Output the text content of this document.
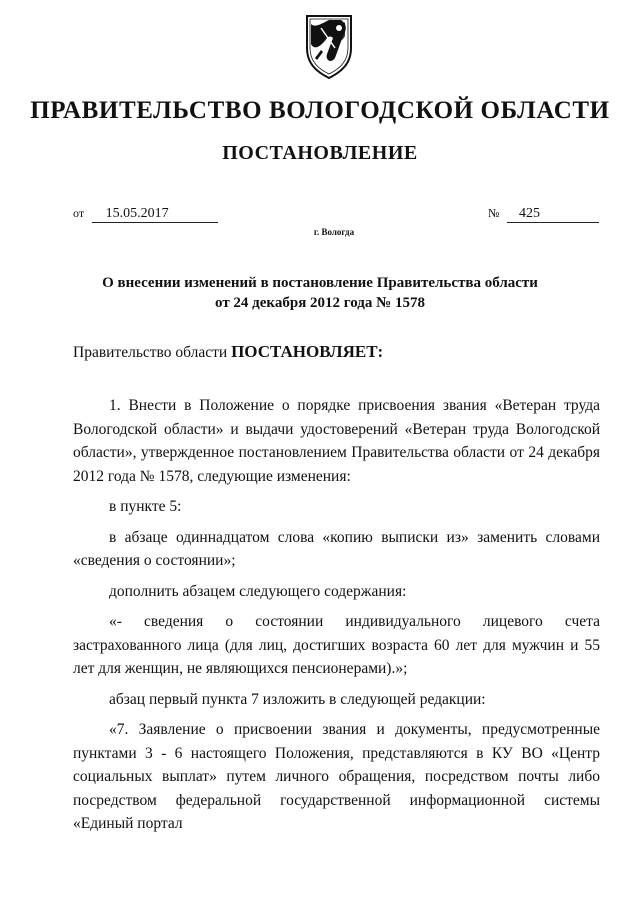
ПРАВИТЕЛЬСТВО ВОЛОГОДСКОЙ ОБЛАСТИ
ПОСТАНОВЛЕНИЕ
от 15.05.2017	№ 425
г. Вологда
О внесении изменений в постановление Правительства области
от 24 декабря 2012 года № 1578
Правительство области ПОСТАНОВЛЯЕТ:

1. Внести в Положение о порядке присвоения звания «Ветеран труда Вологодской области» и выдачи удостоверений «Ветеран труда Вологодской области», утвержденное постановлением Правительства области от 24 декабря 2012 года № 1578, следующие изменения:

в пункте 5:

в абзаце одиннадцатом слова «копию выписки из» заменить словами «сведения о состоянии»;

дополнить абзацем следующего содержания:

«- сведения о состоянии индивидуального лицевого счета застрахованного лица (для лиц, достигших возраста 60 лет для мужчин и 55 лет для женщин, не являющихся пенсионерами).»;

абзац первый пункта 7 изложить в следующей редакции:

«7. Заявление о присвоении звания и документы, предусмотренные пунктами 3 - 6 настоящего Положения, представляются в КУ ВО «Центр социальных выплат» путем личного обращения, посредством почты либо посредством федеральной государственной информационной системы «Единый портал
